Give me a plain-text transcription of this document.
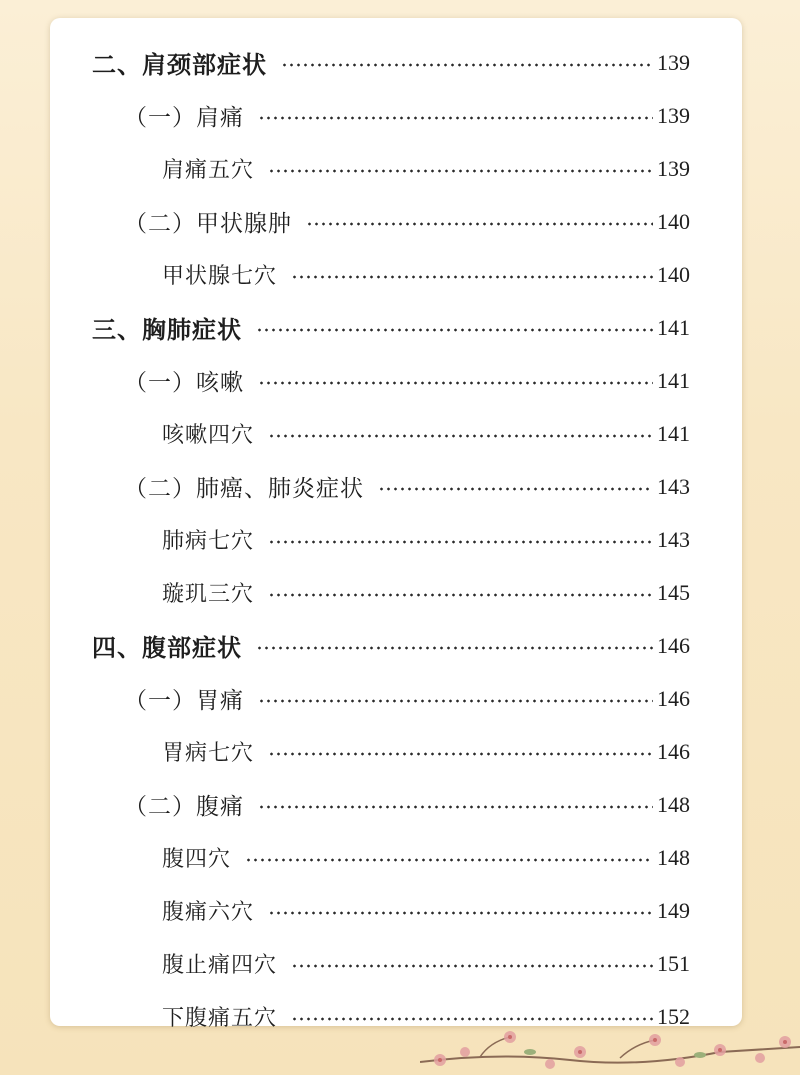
二、肩颈部症状	139
（一）肩痛	139
肩痛五穴	139
（二）甲状腺肿	140
甲状腺七穴	140
三、胸肺症状	141
（一）咳嗽	141
咳嗽四穴	141
（二）肺癌、肺炎症状	143
肺病七穴	143
璇玑三穴	145
四、腹部症状	146
（一）胃痛	146
胃病七穴	146
（二）腹痛	148
腹四穴	148
腹痛六穴	149
腹止痛四穴	151
下腹痛五穴	152
